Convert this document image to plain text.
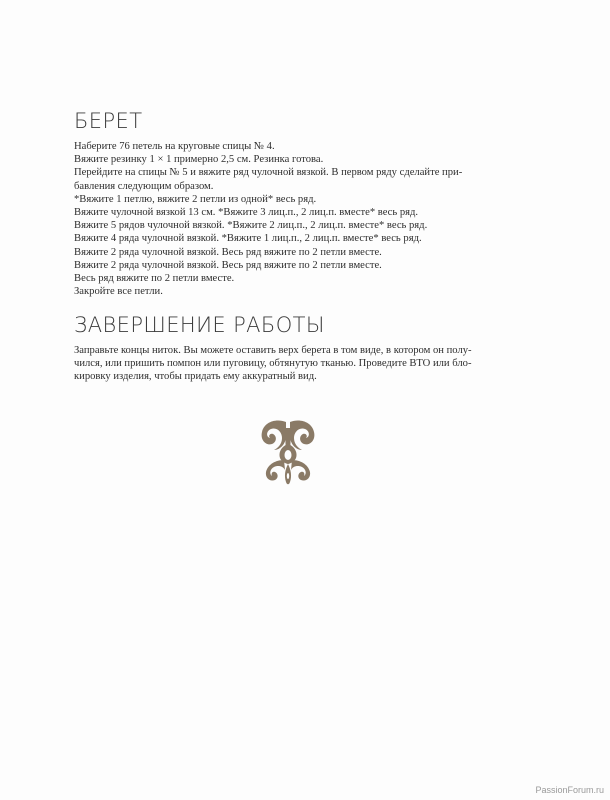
БЕРЕТ
Наберите 76 петель на круговые спицы № 4.
Вяжите резинку 1 × 1 примерно 2,5 см. Резинка готова.
Перейдите на спицы № 5 и вяжите ряд чулочной вязкой. В первом ряду сделайте при-
бавления следующим образом.
*Вяжите 1 петлю, вяжите 2 петли из одной* весь ряд.
Вяжите чулочной вязкой 13 см. *Вяжите 3 лиц.п., 2 лиц.п. вместе* весь ряд.
Вяжите 5 рядов чулочной вязкой. *Вяжите 2 лиц.п., 2 лиц.п. вместе* весь ряд.
Вяжите 4 ряда чулочной вязкой. *Вяжите 1 лиц.п., 2 лиц.п. вместе* весь ряд.
Вяжите 2 ряда чулочной вязкой. Весь ряд вяжите по 2 петли вместе.
Вяжите 2 ряда чулочной вязкой. Весь ряд вяжите по 2 петли вместе.
Весь ряд вяжите по 2 петли вместе.
Закройте все петли.
ЗАВЕРШЕНИЕ РАБОТЫ
Заправьте концы ниток. Вы можете оставить верх берета в том виде, в котором он полу-
чился, или пришить помпон или пуговицу, обтянутую тканью. Проведите ВТО или бло-
кировку изделия, чтобы придать ему аккуратный вид.
PassionForum.ru
